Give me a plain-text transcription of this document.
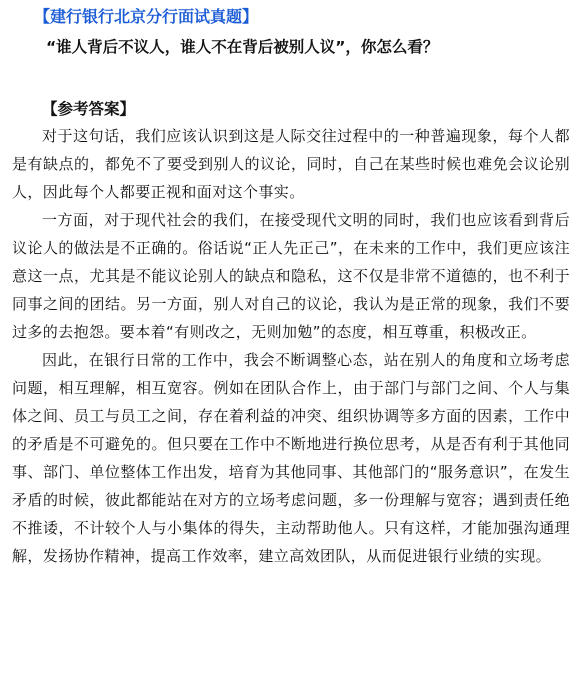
【建行银行北京分行面试真题】
“谁人背后不议人，谁人不在背后被别人议”，你怎么看？
【参考答案】

对于这句话，我们应该认识到这是人际交往过程中的一种普遍现象，每个人都是有缺点的，都免不了要受到别人的议论，同时，自己在某些时候也难免会议论别人，因此每个人都要正视和面对这个事实。

一方面，对于现代社会的我们，在接受现代文明的同时，我们也应该看到背后议论人的做法是不正确的。俗话说“正人先正己”，在未来的工作中，我们更应该注意这一点，尤其是不能议论别人的缺点和隐私，这不仅是非常不道德的，也不利于同事之间的团结。另一方面，别人对自己的议论，我认为是正常的现象，我们不要过多的去抱怨。要本着“有则改之，无则加勉”的态度，相互尊重，积极改正。

因此，在银行日常的工作中，我会不断调整心态，站在别人的角度和立场考虑问题，相互理解，相互宽容。例如在团队合作上，由于部门与部门之间、个人与集体之间、员工与员工之间，存在着利益的冲突、组织协调等多方面的因素，工作中的矛盾是不可避免的。但只要在工作中不断地进行换位思考，从是否有利于其他同事、部门、单位整体工作出发，培育为其他同事、其他部门的“服务意识”，在发生矛盾的时候，彼此都能站在对方的立场考虑问题，多一份理解与宽容；遇到责任绝不推诿，不计较个人与小集体的得失，主动帮助他人。只有这样，才能加强沟通理解，发扬协作精神，提高工作效率，建立高效团队，从而促进银行业绩的实现。
